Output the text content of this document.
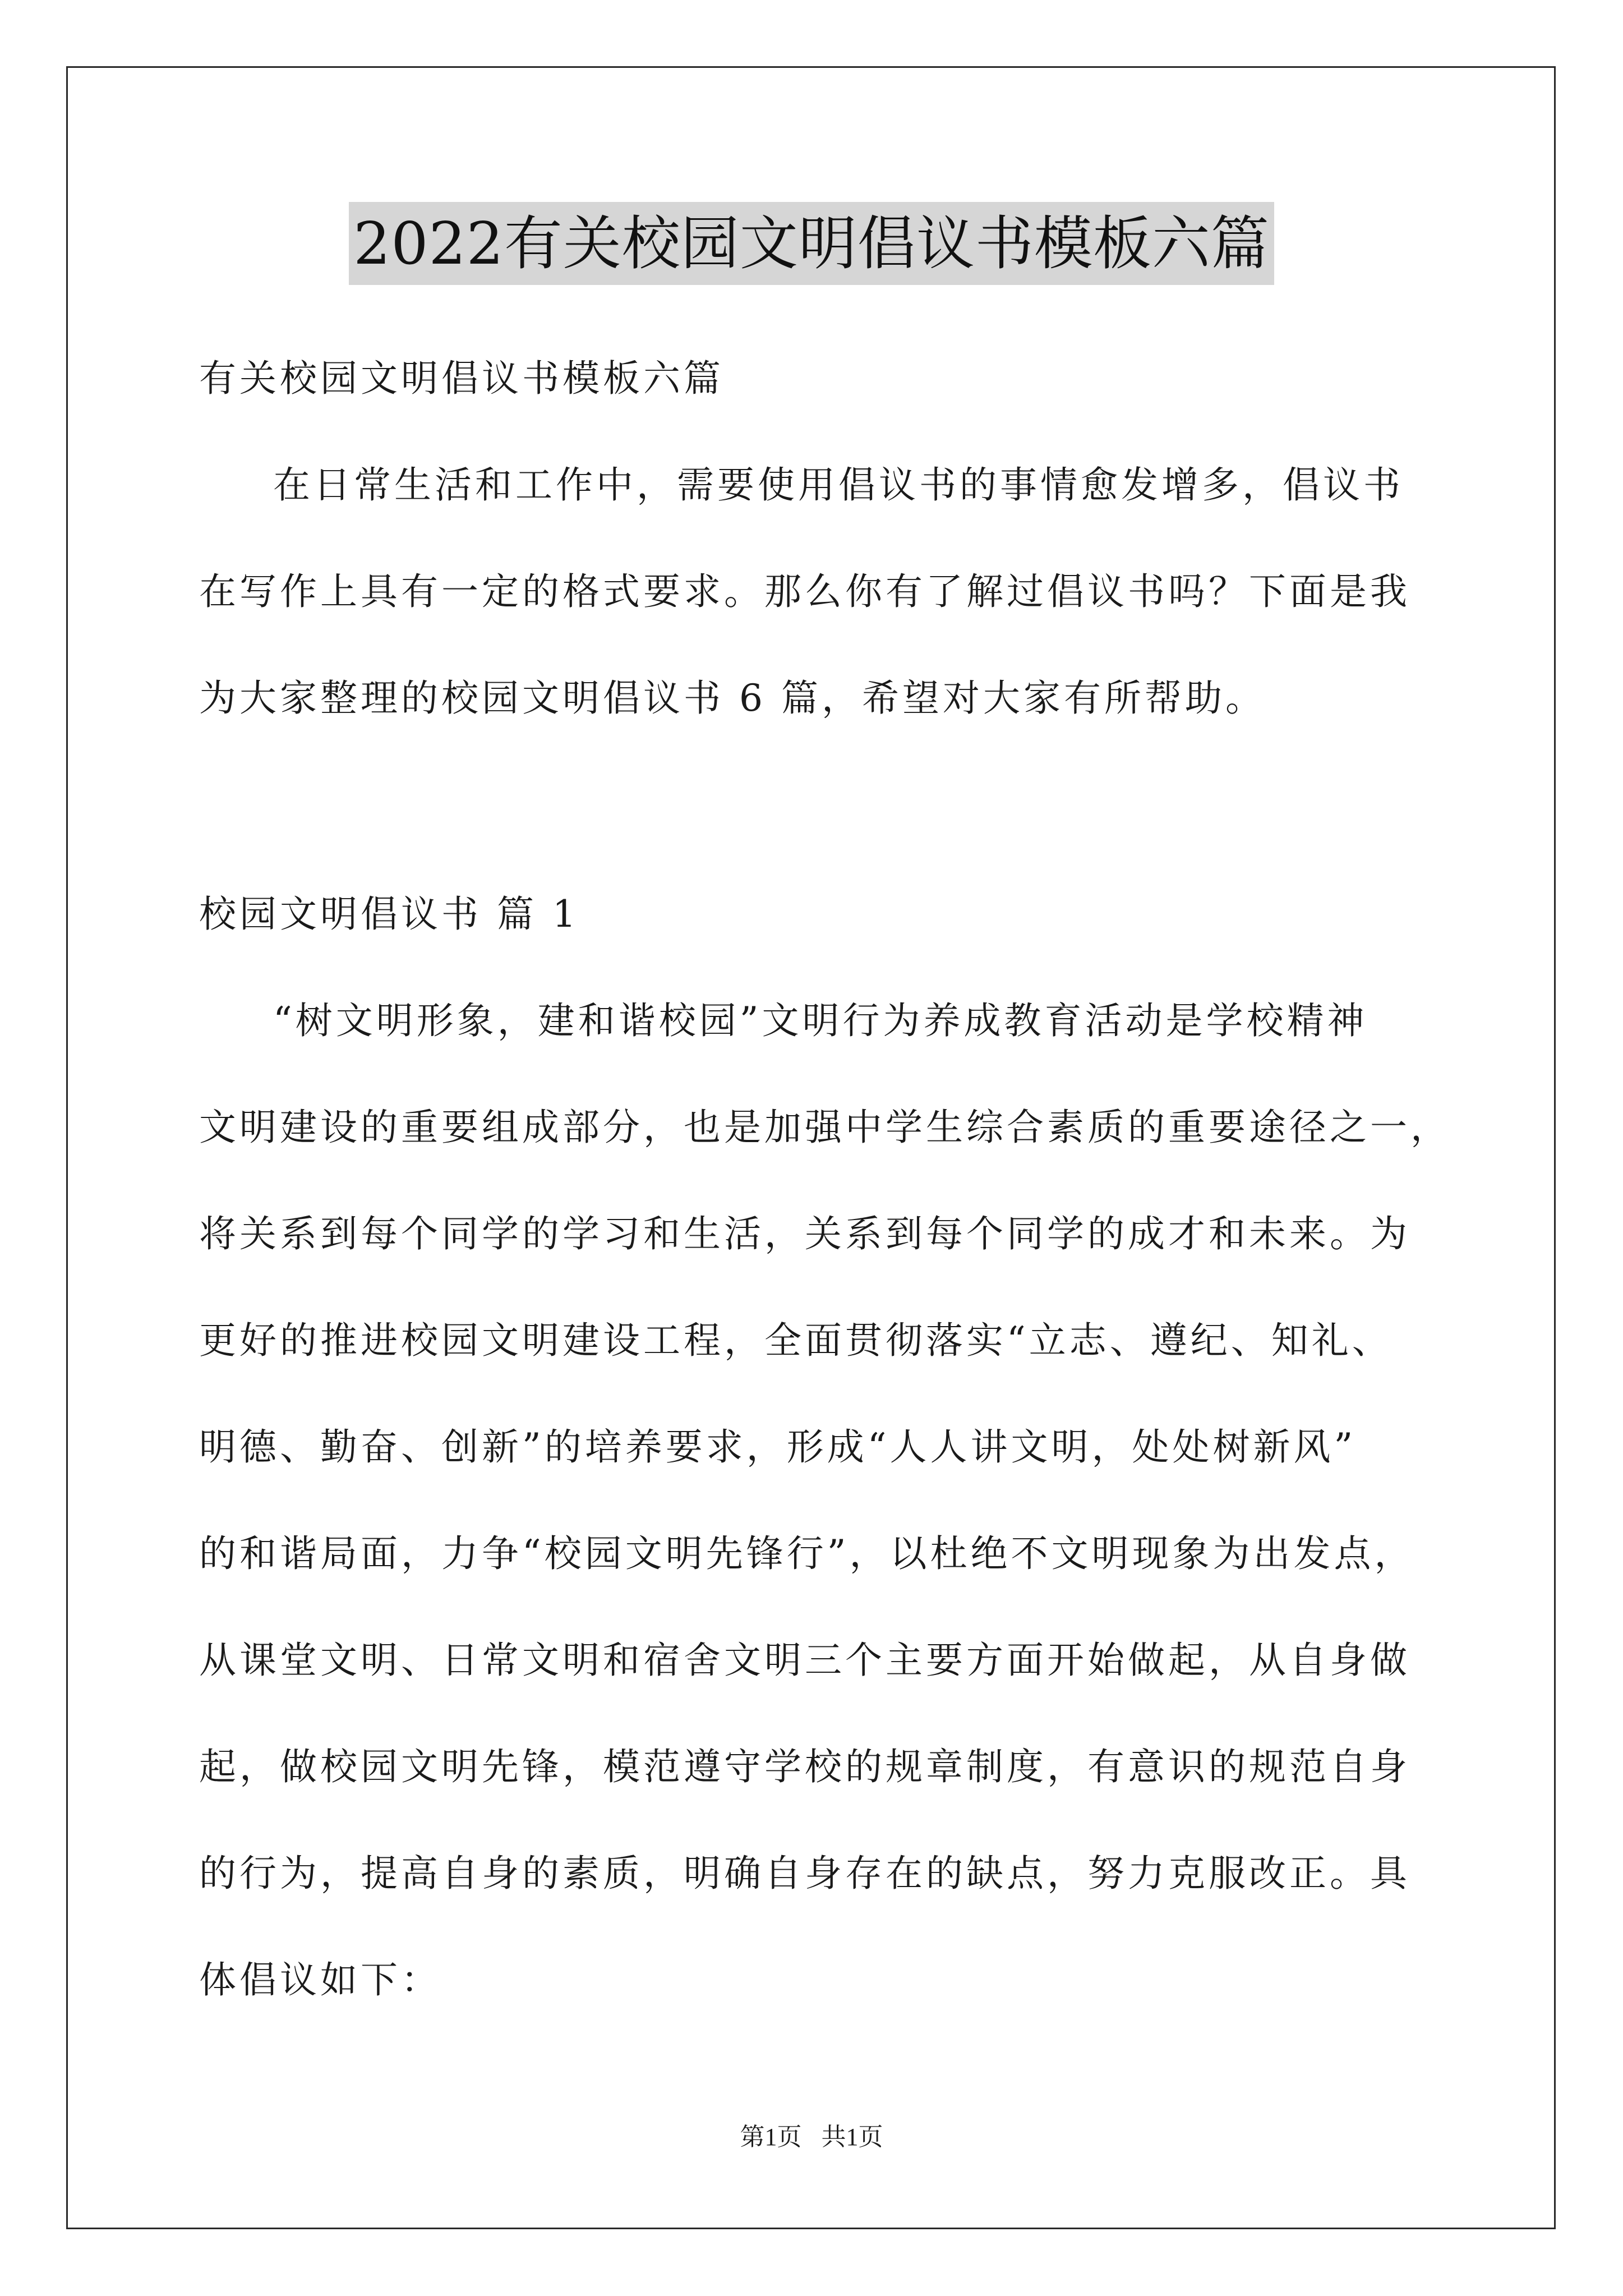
2022有关校园文明倡议书模板六篇
有关校园文明倡议书模板六篇
在日常生活和工作中，需要使用倡议书的事情愈发增多，倡议书
在写作上具有一定的格式要求。那么你有了解过倡议书吗？下面是我
为大家整理的校园文明倡议书 6 篇，希望对大家有所帮助。
校园文明倡议书 篇 1
“树文明形象，建和谐校园”文明行为养成教育活动是学校精神
文明建设的重要组成部分，也是加强中学生综合素质的重要途径之一，
将关系到每个同学的学习和生活，关系到每个同学的成才和未来。为
更好的推进校园文明建设工程，全面贯彻落实“立志、遵纪、知礼、
明德、勤奋、创新”的培养要求，形成“人人讲文明，处处树新风”
的和谐局面，力争“校园文明先锋行”，以杜绝不文明现象为出发点，
从课堂文明、日常文明和宿舍文明三个主要方面开始做起，从自身做
起，做校园文明先锋，模范遵守学校的规章制度，有意识的规范自身
的行为，提高自身的素质，明确自身存在的缺点，努力克服改正。具
体倡议如下：
第1页 共1页
